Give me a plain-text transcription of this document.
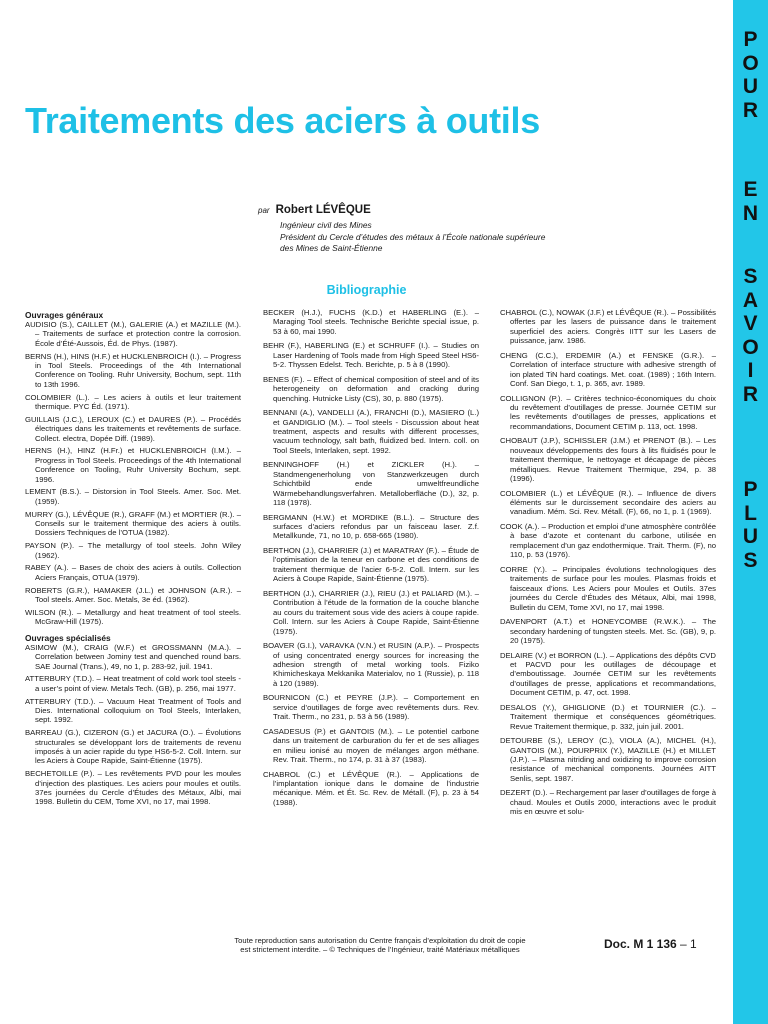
P
O
U
R
E
N
S
A
V
O
I
R
P
L
U
S
Traitements des aciers à outils
par Robert LÉVÊQUE
Ingénieur civil des Mines
Président du Cercle d’études des métaux à l’École nationale supérieure
des Mines de Saint-Étienne
Bibliographie
Ouvrages généraux
AUDISIO (S.), CAILLET (M.), GALERIE (A.) et MAZILLE (M.). – Traitements de surface et protection contre la corrosion. École d’Été-Aussois, Éd. de Phys. (1987).
BERNS (H.), HINS (H.F.) et HUCKLENBROICH (I.). – Progress in Tool Steels. Proceedings of the 4th International Conference on Tooling. Ruhr University, Bochum, sept. 11th to 13th 1996.
COLOMBIER (L.). – Les aciers à outils et leur traitement thermique. PYC Éd. (1971).
GUILLAIS (J.C.), LEROUX (C.) et DAURES (P.). – Procédés électriques dans les traitements et revêtements de surface. Collect. electra, Dopée Diff. (1989).
HERNS (H.), HINZ (H.Fr.) et HUCKLENBROICH (I.M.). – Progress in Tool Steels. Proceedings of the 4th International Conference on Tooling, Ruhr University Bochum, sept. 1996.
LEMENT (B.S.). – Distorsion in Tool Steels. Amer. Soc. Met. (1959).
MURRY (G.), LÉVÊQUE (R.), GRAFF (M.) et MORTIER (R.). – Conseils sur le traitement thermique des aciers à outils. Dossiers Techniques de l’OTUA (1982).
PAYSON (P.). – The metallurgy of tool steels. John Wiley (1962).
RABEY (A.). – Bases de choix des aciers à outils. Collection Aciers Français, OTUA (1979).
ROBERTS (G.R.), HAMAKER (J.L.) et JOHNSON (A.R.). – Tool steels. Amer. Soc. Metals, 3e éd. (1962).
WILSON (R.). – Metallurgy and heat treatment of tool steels. McGraw-Hill (1975).
Ouvrages spécialisés
ASIMOW (M.), CRAIG (W.F.) et GROSSMANN (M.A.). – Correlation between Jominy test and quenched round bars. SAE Journal (Trans.), 49, no 1, p. 283-92, juil. 1941.
ATTERBURY (T.D.). – Heat treatment of cold work tool steels - a user’s point of view. Metals Tech. (GB), p. 256, mai 1977.
ATTERBURY (T.D.). – Vacuum Heat Treatment of Tools and Dies. International colloquium on Tool Steels, Interlaken, sept. 1992.
BARREAU (G.), CIZERON (G.) et JACURA (O.). – Évolutions structurales se développant lors de traitements de revenu imposés à un acier rapide du type HS6-5-2. Coll. Intern. sur les Aciers à Coupe Rapide, Saint-Étienne (1975).
BECHETOILLE (P.). – Les revêtements PVD pour les moules d’injection des plastiques. Les aciers pour moules et outils. 37es journées du Cercle d’Études des Métaux, Albi, mai 1998. Bulletin du CEM, Tome XVI, no 17, mai 1998.
BECKER (H.J.), FUCHS (K.D.) et HABERLING (E.). – Maraging Tool steels. Technische Berichte special issue, p. 53 à 60, mai 1990.
BEHR (F.), HABERLING (E.) et SCHRUFF (I.). – Studies on Laser Hardening of Tools made from High Speed Steel HS6-5-2. Thyssen Edelst. Tech. Berichte, p. 5 à 8 (1990).
BENES (F.). – Effect of chemical composition of steel and of its heterogeneity on deformation and cracking during quenching. Hutnicke Listy (CS), 30, p. 880 (1975).
BENNANI (A.), VANDELLI (A.), FRANCHI (D.), MASIERO (L.) et GANDIGLIO (M.). – Tool steels - Discussion about heat treatment, aspects and results with different processes, vacuum technology, salt bath, fluidized bed. Intern. coll. on Tool Steels, Interlaken, sept. 1992.
BENNINGHOFF (H.) et ZICKLER (H.). – Standmengenerholung von Stanzwerkzeugen durch Schichtbild ende umweltfreundliche Wärmebehandlungsverfahren. Metalloberfläche (D.), 32, p. 118 (1978).
BERGMANN (H.W.) et MORDIKE (B.L.). – Structure des surfaces d’aciers refondus par un faisceau laser. Z.f. Metallkunde, 71, no 10, p. 658-665 (1980).
BERTHON (J.), CHARRIER (J.) et MARATRAY (F.). – Étude de l’optimisation de la teneur en carbone et des conditions de traitement thermique de l’acier 6-5-2. Coll. Intern. sur les Aciers à Coupe Rapide, Saint-Étienne (1975).
BERTHON (J.), CHARRIER (J.), RIEU (J.) et PALIARD (M.). – Contribution à l’étude de la formation de la couche blanche au cours du traitement sous vide des aciers à coupe rapide. Coll. Intern. sur les Aciers à Coupe Rapide, Saint-Étienne (1975).
BOAVER (G.I.), VARAVKA (V.N.) et RUSIN (A.P.). – Prospects of using concentrated energy sources for increasing the adhesion strength of metal working tools. Fiziko Khimicheskaya Mekkanika Materialov, no 1 (Russie), p. 118 à 120 (1989).
BOURNICON (C.) et PEYRE (J.P.). – Comportement en service d’outillages de forge avec revêtements durs. Rev. Trait. Therm., no 231, p. 53 à 56 (1989).
CASADESUS (P.) et GANTOIS (M.). – Le potentiel carbone dans un traitement de carburation du fer et de ses alliages en milieu ionisé au moyen de mélanges argon méthane. Rev. Trait. Therm., no 174, p. 31 à 37 (1983).
CHABROL (C.) et LÉVÊQUE (R.). – Applications de l’implantation ionique dans le domaine de l’industrie mécanique. Mém. et Ét. Sc. Rev. de Métall. (F), p. 23 à 54 (1988).
CHABROL (C.), NOWAK (J.F.) et LÉVÊQUE (R.). – Possibilités offertes par les lasers de puissance dans le traitement superficiel des aciers. Congrès IITT sur les Lasers de puissance, janv. 1986.
CHENG (C.C.), ERDEMIR (A.) et FENSKE (G.R.). – Correlation of interface structure with adhesive strength of ion plated TiN hard coatings. Met. coat. (1989) ; 16th Intern. Conf. San Diego, t. 1, p. 365, avr. 1989.
COLLIGNON (P.). – Critères technico-économiques du choix du revêtement d’outillages de presse. Journée CETIM sur les revêtements d’outillages de presses, applications et recommandations, Document CETIM p. 113, oct. 1998.
CHOBAUT (J.P.), SCHISSLER (J.M.) et PRENOT (B.). – Les nouveaux développements des fours à lits fluidisés pour le traitement thermique, le nettoyage et décapage de pièces métalliques. Revue Traitement Thermique, 294, p. 38 (1996).
COLOMBIER (L.) et LÉVÊQUE (R.). – Influence de divers éléments sur le durcissement secondaire des aciers au vanadium. Mém. Sci. Rev. Métall. (F), 66, no 1, p. 1 (1969).
COOK (A.). – Production et emploi d’une atmosphère contrôlée à base d’azote et contenant du carbone, utilisée en remplacement d’un gaz endothermique. Trait. Therm. (F), no 110, p. 53 (1976).
CORRE (Y.). – Principales évolutions technologiques des traitements de surface pour les moules. Plasmas froids et faisceaux d’ions. Les Aciers pour Moules et Outils. 37es journées du Cercle d’Études des Métaux, Albi, mai 1998, Bulletin du CEM, Tome XVI, no 17, mai 1998.
DAVENPORT (A.T.) et HONEYCOMBE (R.W.K.). – The secondary hardening of tungsten steels. Met. Sc. (GB), 9, p. 20 (1975).
DELAIRE (V.) et BORRON (L.). – Applications des dépôts CVD et PACVD pour les outillages de découpage et d’emboutissage. Journée CETIM sur les revêtements d’outillages de presse, applications et recommandations, Document CETIM, p. 47, oct. 1998.
DESALOS (Y.), GHIGLIONE (D.) et TOURNIER (C.). – Traitement thermique et conséquences géométriques. Revue Traitement thermique, p. 332, juin juil. 2001.
DETOURBE (S.), LEROY (C.), VIOLA (A.), MICHEL (H.), GANTOIS (M.), POURPRIX (Y.), MAZILLE (H.) et MILLET (J.P.). – Plasma nitriding and oxidizing to improve corrosion resistance of mechanical components. Journées AITT Senlis, sept. 1987.
DEZERT (D.). – Rechargement par laser d’outillages de forge à chaud. Moules et Outils 2000, interactions avec le produit mis en œuvre et solu-
Toute reproduction sans autorisation du Centre français d’exploitation du droit de copie
est strictement interdite. – © Techniques de l’Ingénieur, traité Matériaux métalliques	Doc. M 1 136 – 1
